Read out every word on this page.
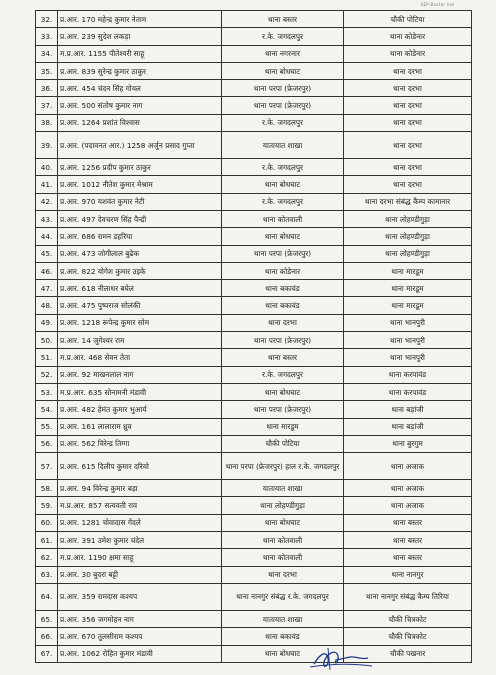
SEP-Bastar Ind
32.	प्र.आर. 170 महेन्द्र कुमार नेताम	थाना बस्तर	चौकी पोटिया
33.	प्र.आर. 239 सुदेश लकड़ा	र.के. जगदलपुर	थाना कोडेनार
34.	म.प्र.आर. 1155 पीतेश्वरी साहू	थाना नगरनार	थाना कोडेनार
35.	प्र.आर. 839 सुरेन्द्र कुमार ठाकुर	थाना बोधघाट	थाना दरभा
36.	प्र.आर. 454 चंदन सिंह गोयल	थाना परपा (फ्रेजरपुर)	थाना दरभा
37.	प्र.आर. 500 संतोष कुमार नाग	थाना परपा (फ्रेजरपुर)	थाना दरभा
38.	प्र.आर. 1264 प्रशांत विश्वास	र.के. जगदलपुर	थाना दरभा
39.	प्र.आर. (पदावनत आर.) 1258 अर्जुन प्रसाद गुप्ता	यातायात शाखा	थाना दरभा
40.	प्र.आर. 1256 प्रदीप कुमार ठाकुर	र.के. जगदलपुर	थाना दरभा
41.	प्र.आर. 1012 नीतेश कुमार मेश्राम	थाना बोधघाट	थाना दरभा
42.	प्र.आर. 970 यशवंत कुमार नेटी	र.के. जगदलपुर	थाना दरभा संबंद्ध कैम्प कामानार
43.	प्र.आर. 497 देवचरण सिंह पैन्द्री	थाना कोतवाली	थाना लोहण्डीगुड़ा
44.	प्र.आर. 686 रामन डहरिया	थाना बोधघाट	थाना लोहण्डीगुड़ा
45.	प्र.आर. 473 जोगीलाल बुढेक	थाना परपा (फ्रेजरपुर)	थाना लोहण्डीगुड़ा
46.	प्र.आर. 822 योगेश कुमार उइके	थाना कोडेनार	थाना मारडूम
47.	प्र.आर. 618 नीलाधर बघेल	थाना बकावंड	थाना मारडूम
48.	प्र.आर. 475 पुष्पराज सोलंकी	थाना बकावंड	थाना मारडूम
49.	प्र.आर. 1218 रूपेन्द्र कुमार सोम	थाना दरभा	थाना भानपुरी
50.	प्र.आर. 14 जुगेश्वर राम	थाना परपा (फ्रेजरपुर)	थाना भानपुरी
51.	म.प्र.आर. 468 सेवन तेता	थाना बस्तर	थाना भानपुरी
52.	प्र.आर. 92 माखनलाल नाग	र.के. जगदलपुर	थाना करपावंड
53.	म.प्र.आर. 635 सोनामनी मंडावी	थाना बोधघाट	थाना करपावंड
54.	प्र.आर. 482 हेमंत कुमार भुआर्य	थाना परपा (फ्रेजरपुर)	थाना बड़ांजी
55.	प्र.आर. 161 लालाराम ध्रुव	थाना मारडूम	थाना बड़ांजी
56.	प्र.आर. 562 विरेन्द्र तिग्गा	चौकी पोटिया	थाना बुरगुम
57.	प्र.आर. 615 दिलीप कुमार दरियो	थाना परपा (फ्रेजरपुर) हाल र.के. जगदलपुर	थाना अजाक
58.	प्र.आर. 94 विरेन्द्र कुमार बड़ा	यातायात शाखा	थाना अजाक
59.	म.प्र.आर. 857 सत्यवती राव	थाना लोहण्डीगुड़ा	थाना अजाक
60.	प्र.आर. 1281 चोवादास गेंदले	थाना बोधघाट	थाना बस्तर
61.	प्र.आर. 391 उमेश कुमार चंदेल	थाना कोतवाली	थाना बस्तर
62.	म.प्र.आर. 1190 क्षमा साहू	थाना कोतवाली	थाना बस्तर
63.	प्र.आर. 30 बुदरा बट्टी	थाना दरभा	थाना नानगुर
64.	प्र.आर. 359 रामदास कश्यप	थाना नानगुर संबंद्ध र.के. जगदलपुर	थाना नानगुर संबंद्ध कैम्प तिरिया
65.	प्र.आर. 356 जगमोहन नाग	यातायात शाखा	चौकी चित्रकोट
66.	प्र.आर. 670 तुलसीराम कश्यप	थाना बकावंड	चौकी चित्रकोट
67.	प्र.आर. 1062 रोहित कुमार मंडावी	थाना बोधघाट	चौकी पखनार
